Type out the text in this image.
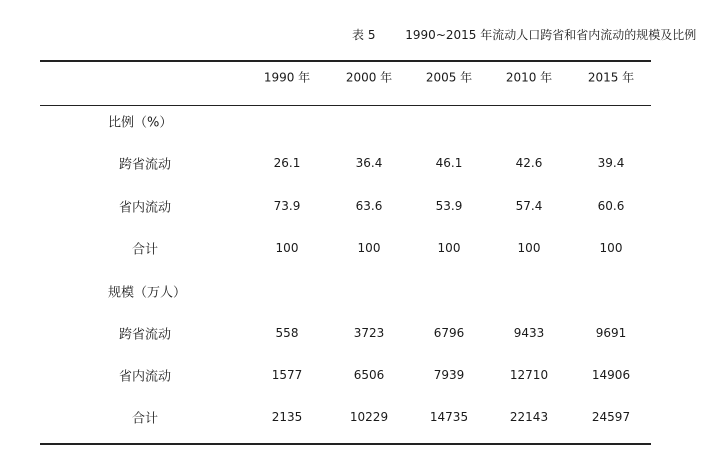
表 5 1990~2015 年流动人口跨省和省内流动的规模及比例
1990 年	2000 年	2005 年	2010 年	2015 年
比例（%）
跨省流动	26.1	36.4	46.1	42.6	39.4
省内流动	73.9	63.6	53.9	57.4	60.6
合计	100	100	100	100	100
规模（万人）
跨省流动	558	3723	6796	9433	9691
省内流动	1577	6506	7939	12710	14906
合计	2135	10229	14735	22143	24597
